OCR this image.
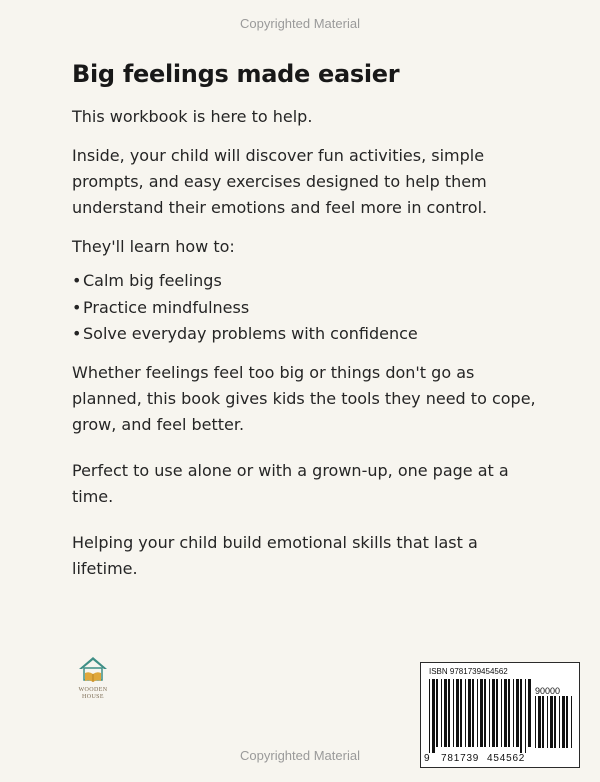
Copyrighted Material
Big feelings made easier

This workbook is here to help.

Inside, your child will discover fun activities, simple prompts, and easy exercises designed to help them understand their emotions and feel more in control.

They'll learn how to:

• Calm big feelings
• Practice mindfulness
• Solve everyday problems with confidence

Whether feelings feel too big or things don't go as planned, this book gives kids the tools they need to cope, grow, and feel better.

Perfect to use alone or with a grown-up, one page at a time.

Helping your child build emotional skills that last a lifetime.

WOODEN
HOUSE
ISBN 9781739454562
90000
9 781739 454562
Copyrighted Material
